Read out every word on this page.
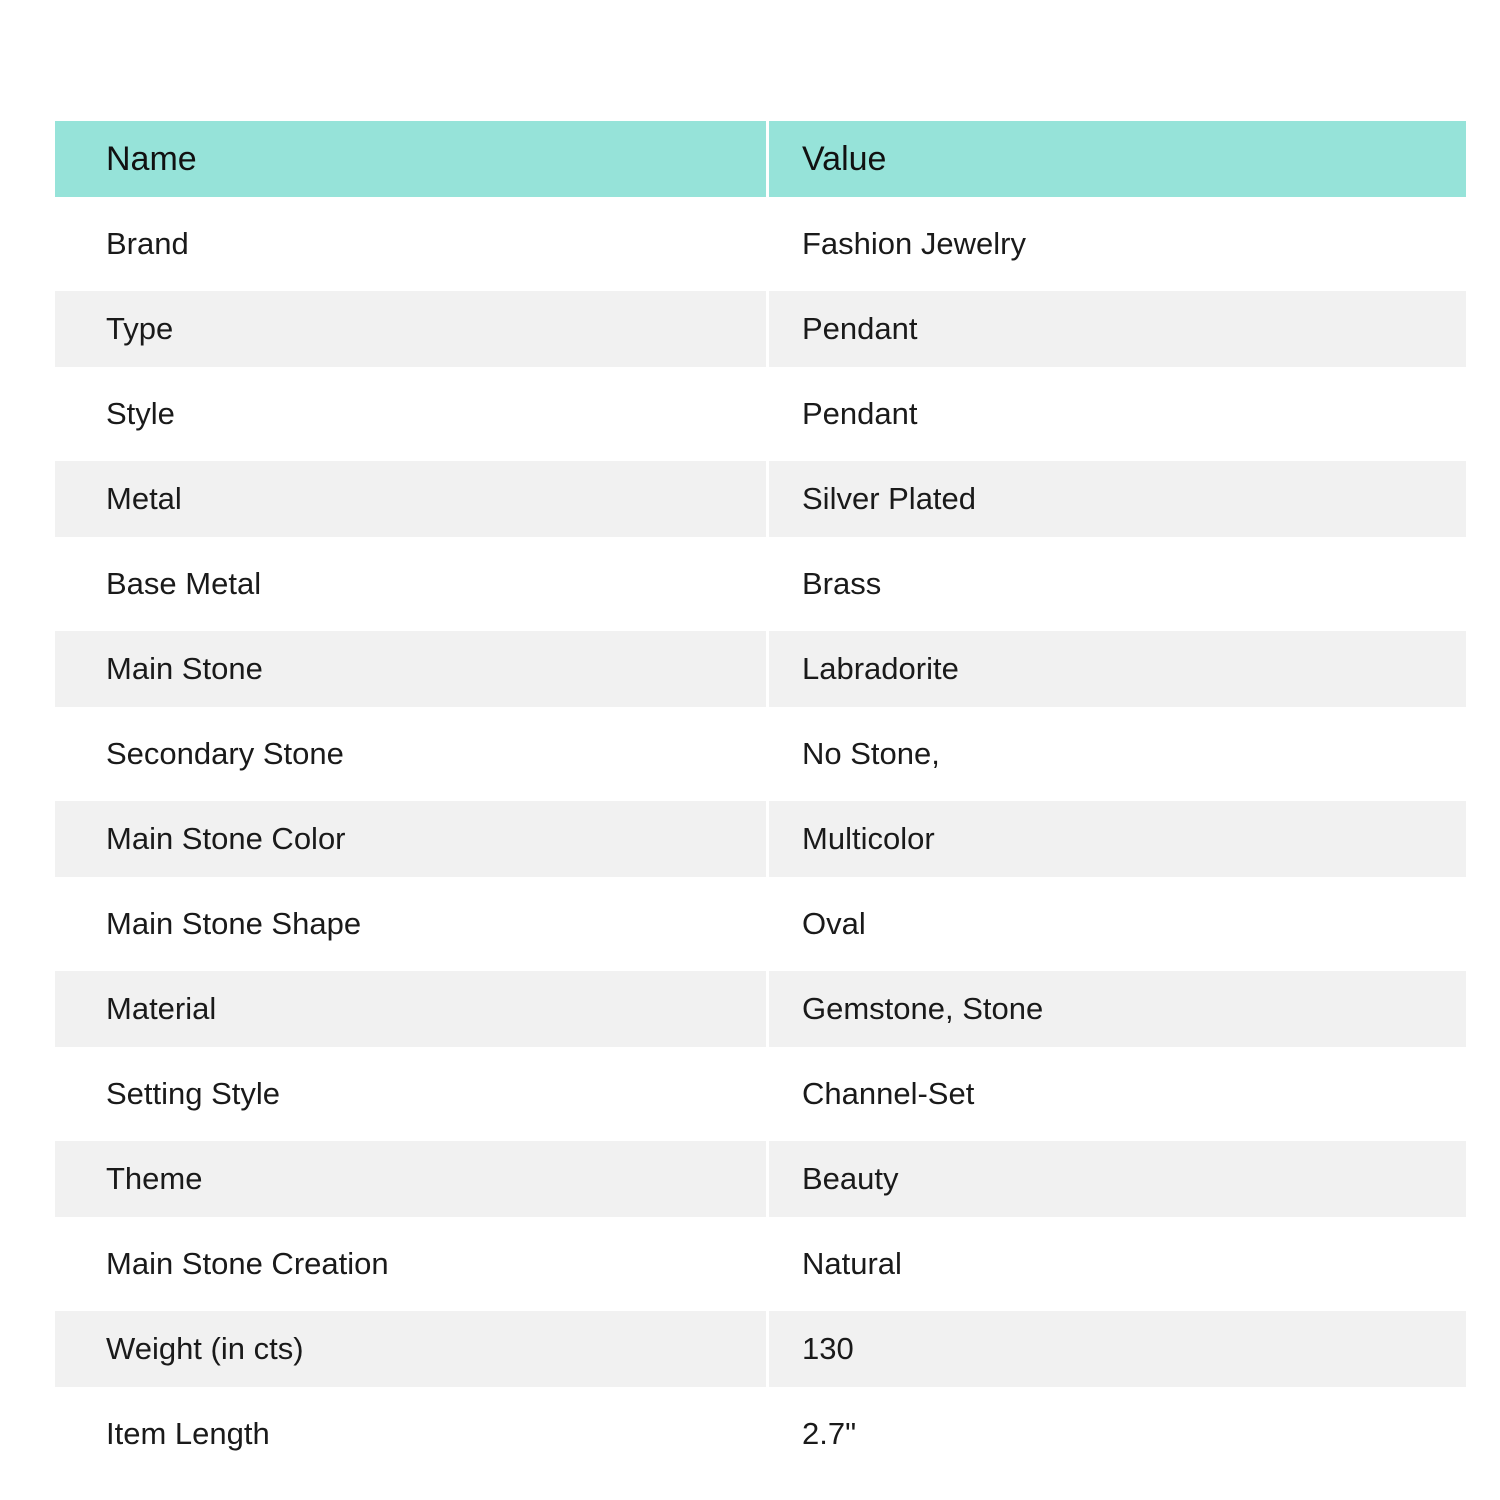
Name	Value
Brand	Fashion Jewelry
Type	Pendant
Style	Pendant
Metal	Silver Plated
Base Metal	Brass
Main Stone	Labradorite
Secondary Stone	No Stone,
Main Stone Color	Multicolor
Main Stone Shape	Oval
Material	Gemstone, Stone
Setting Style	Channel-Set
Theme	Beauty
Main Stone Creation	Natural
Weight (in cts)	130
Item Length	2.7"
